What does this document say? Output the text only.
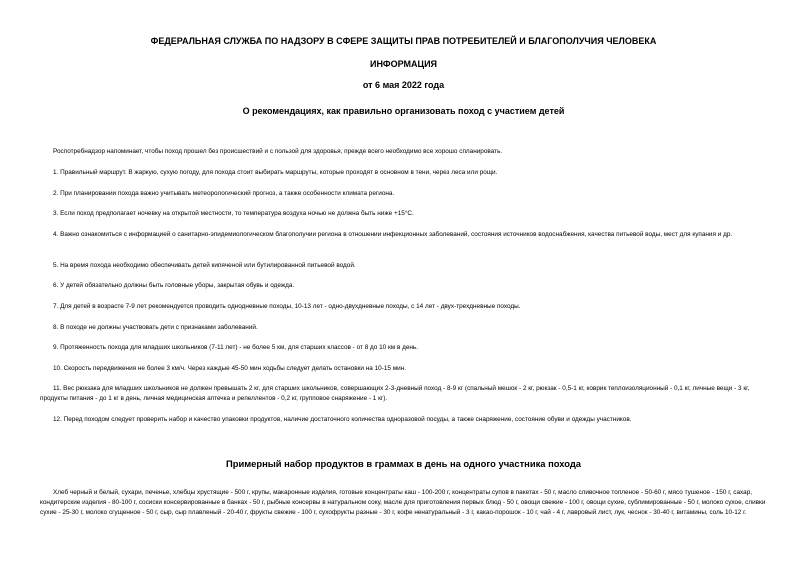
ФЕДЕРАЛЬНАЯ СЛУЖБА ПО НАДЗОРУ В СФЕРЕ ЗАЩИТЫ ПРАВ ПОТРЕБИТЕЛЕЙ И БЛАГОПОЛУЧИЯ ЧЕЛОВЕКА
ИНФОРМАЦИЯ
от 6 мая 2022 года
О рекомендациях, как правильно организовать поход с участием детей
Роспотребнадзор напоминает, чтобы поход прошел без происшествий и с пользой для здоровья, прежде всего необходимо все хорошо спланировать.
1. Правильный маршрут. В жаркую, сухую погоду, для похода стоит выбирать маршруты, которые проходят в основном в тени, через леса или рощи.
2. При планировании похода важно учитывать метеорологический прогноз, а также особенности климата региона.
3. Если поход предполагает ночевку на открытой местности, то температура воздуха ночью не должна быть ниже +15°С.
4. Важно ознакомиться с информацией о санитарно-эпидемиологическом благополучии региона в отношении инфекционных заболеваний, состояния источников водоснабжения, качества питьевой воды, мест для купания и др.
5. На время похода необходимо обеспечивать детей кипяченой или бутилированной питьевой водой.
6. У детей обязательно должны быть головные уборы, закрытая обувь и одежда.
7. Для детей в возрасте 7-9 лет рекомендуется проводить однодневные походы, 10-13 лет - одно-двухдневные походы, с 14 лет - двух-трехдневные походы.
8. В походе не должны участвовать дети с признаками заболеваний.
9. Протяженность похода для младших школьников (7-11 лет) - не более 5 км, для старших классов - от 8 до 10 км в день.
10. Скорость передвижения не более 3 км/ч. Через каждые 45-50 мин ходьбы следует делать остановки на 10-15 мин.
11. Вес рюкзака для младших школьников не должен превышать 2 кг, для старших школьников, совершающих 2-3-дневный поход - 8-9 кг (спальный мешок - 2 кг, рюкзак - 0,5-1 кг, коврик теплоизоляционный - 0,1 кг, личные вещи - 3 кг, продукты питания - до 1 кг в день, личная медицинская аптечка и репеллентов - 0,2 кг, групповое снаряжение - 1 кг).
12. Перед походом следует проверить набор и качество упаковки продуктов, наличие достаточного количества одноразовой посуды, а также снаряжение, состояние обуви и одежды участников.
Примерный набор продуктов в граммах в день на одного участника похода
Хлеб черный и белый, сухари, печенье, хлебцы хрустящие - 500 г, крупы, макаронные изделия, готовые концентраты каш - 100-200 г, концентраты супов в пакетах - 50 г, масло сливочное топленое - 50-60 г, мясо тушеное - 150 г, сахар, кондитерские изделия - 80-100 г, сосиски консервированные в банках - 50 г, рыбные консервы в натуральном соку, масле для приготовления первых блюд - 50 г, овощи свежие - 100 г, овощи сухие, сублимированные - 50 г, молоко сухое, сливки сухие - 25-30 г, молоко сгущенное - 50 г, сыр, сыр плавленый - 20-40 г, фрукты свежие - 100 г, сухофрукты разные - 30 г, кофе ненатуральный - 3 г, какао-порошок - 10 г, чай - 4 г, лавровый лист, лук, чеснок - 30-40 г, витамины, соль 10-12 г.
